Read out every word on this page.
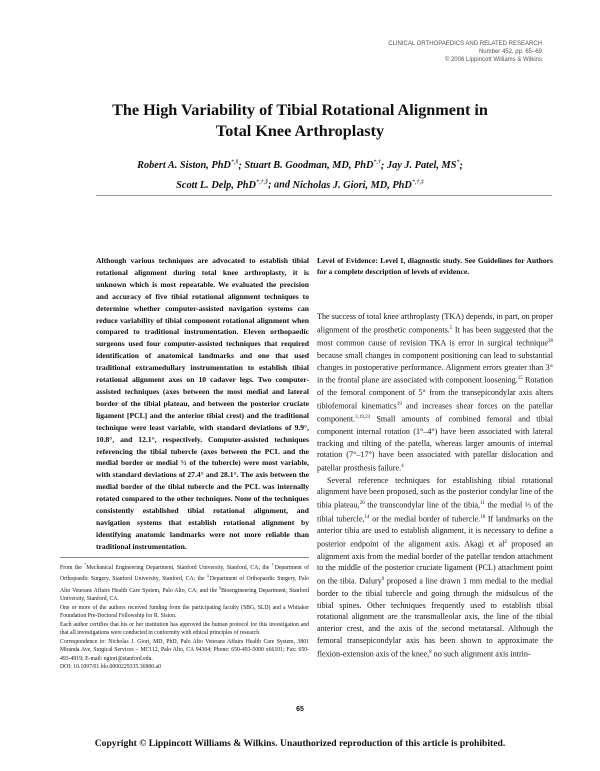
CLINICAL ORTHOPAEDICS AND RELATED RESEARCH
Number 452, pp. 65–69
© 2006 Lippincott Williams & Wilkins
The High Variability of Tibial Rotational Alignment in
Total Knee Arthroplasty

Robert A. Siston, PhD*,§; Stuart B. Goodman, MD, PhD*,†; Jay J. Patel, MS*;
Scott L. Delp, PhD*,†,§; and Nicholas J. Giori, MD, PhD*,†,‡

Although various techniques are advocated to establish tibial rotational alignment during total knee arthroplasty, it is unknown which is most repeatable. We evaluated the precision and accuracy of five tibial rotational alignment techniques to determine whether computer-assisted navigation systems can reduce variability of tibial component rotational alignment when compared to traditional instrumentation. Eleven orthopaedic surgeons used four computer-assisted techniques that required identification of anatomical landmarks and one that used traditional extramedullary instrumentation to establish tibial rotational alignment axes on 10 cadaver legs. Two computer-assisted techniques (axes between the most medial and lateral border of the tibial plateau, and between the posterior cruciate ligament [PCL] and the anterior tibial crest) and the traditional technique were least variable, with standard deviations of 9.9°, 10.8°, and 12.1°, respectively. Computer-assisted techniques referencing the tibial tubercle (axes between the PCL and the medial border or medial ⅓ of the tubercle) were most variable, with standard deviations of 27.4° and 28.1°. The axis between the medial border of the tibial tubercle and the PCL was internally rotated compared to the other techniques. None of the techniques consistently established tibial rotational alignment, and navigation systems that establish rotational alignment by identifying anatomic landmarks were not more reliable than traditional instrumentation.

Level of Evidence: Level I, diagnostic study. See Guidelines for Authors for a complete description of levels of evidence.

From the *Mechanical Engineering Department, Stanford University, Stanford, CA; the †Department of Orthopaedic Surgery, Stanford University, Stanford, CA; the ‡Department of Orthopaedic Surgery, Palo Alto Veterans Affairs Health Care System, Palo Alto, CA; and the §Bioengineering Department, Stanford University, Stanford, CA.

One or more of the authors received funding from the participating faculty (SBG, SLD) and a Whitaker Foundation Pre-Doctoral Fellowship for R. Siston.

Each author certifies that his or her institution has approved the human protocol for this investigation and that all investigations were conducted in conformity with ethical principles of research.

Correspondence to: Nicholas J. Giori, MD, PhD, Palo Alto Veterans Affairs Health Care System, 3801 Miranda Ave, Surgical Services – MC112, Palo Alto, CA 94304; Phone: 650-493-5000 x66101; Fax: 650-493-4919; E-mail: ngiori@stanford.edu.

DOI: 10.1097/01.blo.0000229335.36900.a0

The success of total knee arthroplasty (TKA) depends, in part, on proper alignment of the prosthetic components.$^5$ It has been suggested that the most common cause of revision TKA is error in surgical technique$^{28}$ because small changes in component positioning can lead to substantial changes in postoperative performance. Alignment errors greater than 3° in the frontal plane are associated with component loosening.$^{15}$ Rotation of the femoral component of 5° from the transepicondylar axis alters tibiofemoral kinematics$^{19}$ and increases shear forces on the patellar component.$^{3,19,23}$ Small amounts of combined femoral and tibial component internal rotation (1°–4°) have been associated with lateral tracking and tilting of the patella, whereas larger amounts of internal rotation (7°–17°) have been associated with patellar dislocation and patellar prosthesis failure.$^4$

Several reference techniques for establishing tibial rotational alignment have been proposed, such as the posterior condylar line of the tibia plateau,$^{20}$ the transcondylar line of the tibia,$^{11}$ the medial ⅓ of the tibial tubercle,$^{14}$ or the medial border of tubercle.$^{18}$ If landmarks on the anterior tibia are used to establish alignment, it is necessary to define a posterior endpoint of the alignment axis. Akagi et $al^2$ proposed an alignment axis from the medial border of the patellar tendon attachment to the middle of the posterior cruciate ligament (PCL) attachment point on the tibia. Dalury$^9$ proposed a line drawn 1 mm medial to the medial border to the tibial tubercle and going through the midsulcus of the tibial spines. Other techniques frequently used to establish tibial rotational alignment are the transmalleolar axis, the line of the tibial anterior crest, and the axis of the second metatarsal. Although the femoral transepicondylar axis has been shown to approximate the flexion-extension axis of the knee,$^8$ no such alignment axis intrin-

65
Copyright © Lippincott Williams & Wilkins. Unauthorized reproduction of this article is prohibited.
